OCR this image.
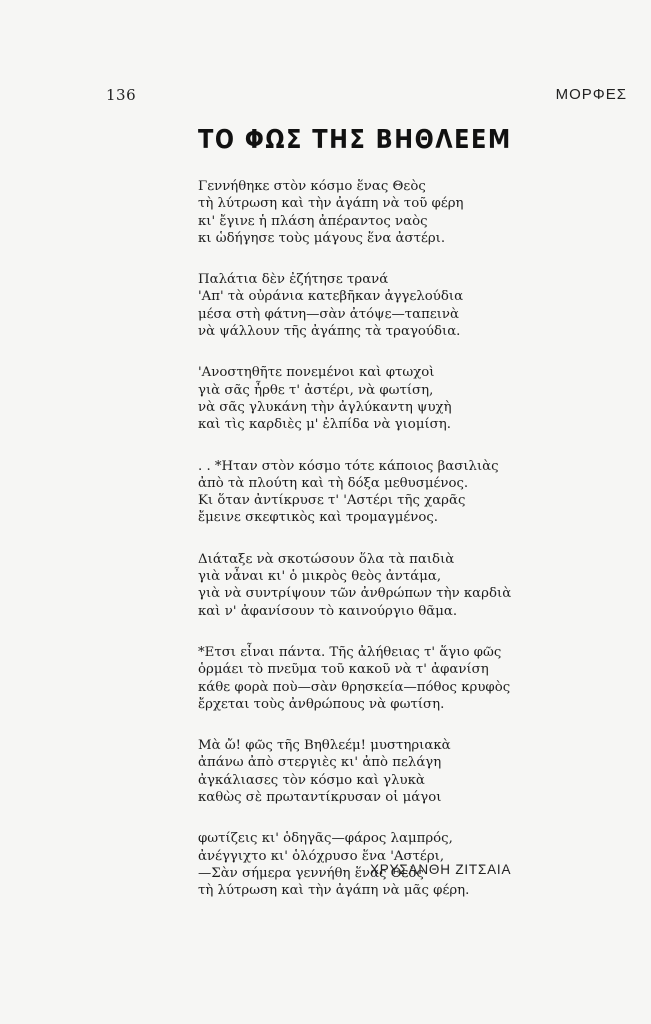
136	ΜΟΡΦΕΣ
ΤΟ ΦΩΣ ΤΗΣ ΒΗΘΛΕΕΜ
Γεννήθηκε στὸν κόσμο ἕνας Θεὸς
τὴ λύτρωση καὶ τὴν ἀγάπη νὰ τοῦ φέρη
κι' ἔγινε ἡ πλάση ἀπέραντος ναὸς
κι ὡδήγησε τοὺς μάγους ἕνα ἀστέρι.
Παλάτια δὲν ἐζήτησε τρανά
'Απ' τὰ οὐράνια κατεβῆκαν ἀγγελούδια
μέσα στὴ φάτνη—σὰν ἀτόψε—ταπεινὰ
νὰ ψάλλουν τῆς ἀγάπης τὰ τραγούδια.
'Ανοστηθῆτε πονεμένοι καὶ φτωχοὶ
γιὰ σᾶς ἦρθε τ' ἀστέρι, νὰ φωτίση,
νὰ σᾶς γλυκάνη τὴν ἀγλύκαντη ψυχὴ
καὶ τὶς καρδιὲς μ' ἐλπίδα νὰ γιομίση.
. . *Ηταν στὸν κόσμο τότε κάποιος βασιλιὰς
ἀπὸ τὰ πλούτη καὶ τὴ δόξα μεθυσμένος.
Κι ὅταν ἀντίκρυσε τ' 'Αστέρι τῆς χαρᾶς
ἔμεινε σκεφτικὸς καὶ τρομαγμένος.
Διάταξε νὰ σκοτώσουν ὅλα τὰ παιδιὰ
γιὰ νἆναι κι' ὁ μικρὸς θεὸς ἀντάμα,
γιὰ νὰ συντρίψουν τῶν ἀνθρώπων τὴν καρδιὰ
καὶ ν' ἀφανίσουν τὸ καινούργιο θᾶμα.
*Ετσι εἶναι πάντα. Τῆς ἀλήθειας τ' ἅγιο φῶς
ὁρμάει τὸ πνεῦμα τοῦ κακοῦ νὰ τ' ἀφανίση
κάθε φορὰ ποὺ—σὰν θρησκεία—πόθος κρυφὸς
ἔρχεται τοὺς ἀνθρώπους νὰ φωτίση.
Μὰ ὤ! φῶς τῆς Βηθλεέμ! μυστηριακὰ
ἀπάνω ἀπὸ στεργιὲς κι' ἀπὸ πελάγη
ἀγκάλιασες τὸν κόσμο καὶ γλυκὰ
καθὼς σὲ πρωταντίκρυσαν οἱ μάγοι
φωτίζεις κι' ὁδηγᾶς—φάρος λαμπρός,
ἀνέγγιχτο κι' ὁλόχρυσο ἕνα 'Αστέρι,
—Σὰν σήμερα γεννήθη ἕνας Θεὸς
τὴ λύτρωση καὶ τὴν ἀγάπη νὰ μᾶς φέρη.
ΧΡΥΣΑΝΘΗ ΖΙΤΣΑΙΑ
